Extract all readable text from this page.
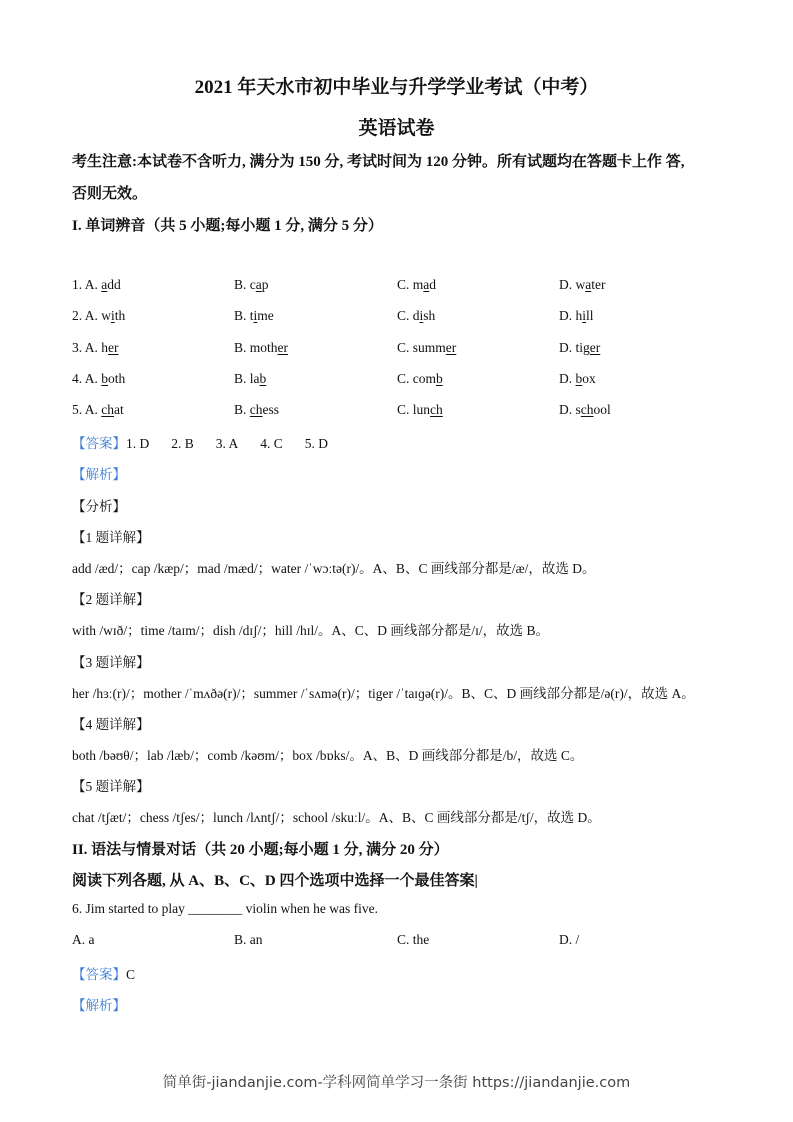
2021 年天水市初中毕业与升学学业考试（中考）
英语试卷
考生注意:本试卷不含听力, 满分为 150 分, 考试时间为 120 分钟。所有试题均在答题卡上作 答,
否则无效。
I. 单词辨音（共 5 小题;每小题 1 分, 满分 5 分）
1. A. add	B. cap	C. mad	D. water
2. A. with	B. time	C. dish	D. hill
3. A. her	B. mother	C. summer	D. tiger
4. A. both	B. lab	C. comb	D. box
5. A. chat	B. chess	C. lunch	D. school
【答案】1. D 2. B 3. A 4. C 5. D
【解析】
【分析】
【1 题详解】
add /æd/；cap /kæp/；mad /mæd/；water /ˈwɔːtə(r)/。A、B、C 画线部分都是/æ/，故选 D。
【2 题详解】
with /wɪð/；time /taɪm/；dish /dɪʃ/；hill /hɪl/。A、C、D 画线部分都是/ɪ/，故选 B。
【3 题详解】
her /hɜː(r)/；mother /ˈmʌðə(r)/；summer /ˈsʌmə(r)/；tiger /ˈtaɪɡə(r)/。B、C、D 画线部分都是/ə(r)/，故选 A。
【4 题详解】
both /bəʊθ/；lab /læb/；comb /kəʊm/；box /bɒks/。A、B、D 画线部分都是/b/，故选 C。
【5 题详解】
chat /tʃæt/；chess /tʃes/；lunch /lʌntʃ/；school /skuːl/。A、B、C 画线部分都是/tʃ/，故选 D。
II. 语法与情景对话（共 20 小题;每小题 1 分, 满分 20 分）
阅读下列各题, 从 A、B、C、D 四个选项中选择一个最佳答案|
6. Jim started to play ________ violin when he was five.
A. a	B. an	C. the	D. /
【答案】C
【解析】
简单街-jiandanjie.com-学科网简单学习一条街 https://jiandanjie.com
